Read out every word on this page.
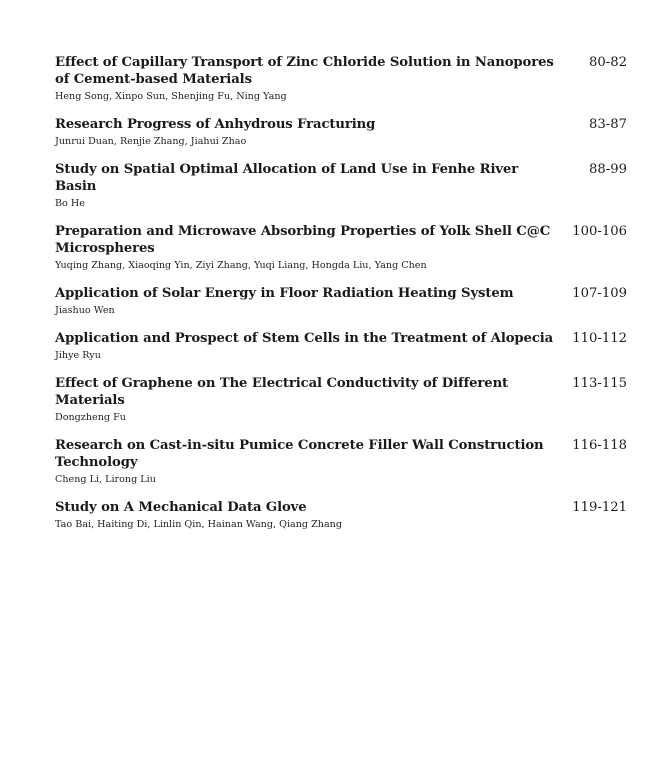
Effect of Capillary Transport of Zinc Chloride Solution in Nanopores of Cement-based Materials
Heng Song, Xinpo Sun, Shenjing Fu, Ning Yang
80-82
Research Progress of Anhydrous Fracturing
Junrui Duan, Renjie Zhang, Jiahui Zhao
83-87
Study on Spatial Optimal Allocation of Land Use in Fenhe River Basin
Bo He
88-99
Preparation and Microwave Absorbing Properties of Yolk Shell C@C Microspheres
Yuqing Zhang, Xiaoqing Yin, Ziyi Zhang, Yuqi Liang, Hongda Liu, Yang Chen
100-106
Application of Solar Energy in Floor Radiation Heating System
Jiashuo Wen
107-109
Application and Prospect of Stem Cells in the Treatment of Alopecia
Jihye Ryu
110-112
Effect of Graphene on The Electrical Conductivity of Different Materials
Dongzheng Fu
113-115
Research on Cast-in-situ Pumice Concrete Filler Wall Construction Technology
Cheng Li, Lirong Liu
116-118
Study on A Mechanical Data Glove
Tao Bai, Haiting Di, Linlin Qin, Hainan Wang, Qiang Zhang
119-121
